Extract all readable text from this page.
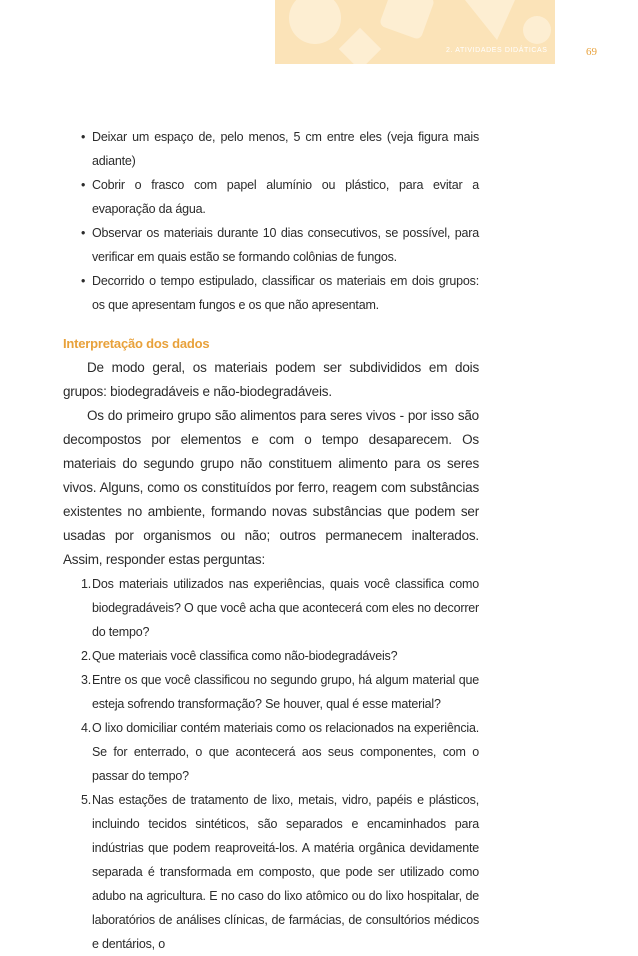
2. ATIVIDADES DIDÁTICAS	69
• Deixar um espaço de, pelo menos, 5 cm entre eles (veja figura mais adiante)
• Cobrir o frasco com papel alumínio ou plástico, para evitar a evaporação da água.
• Observar os materiais durante 10 dias consecutivos, se possível, para verificar em quais estão se formando colônias de fungos.
• Decorrido o tempo estipulado, classificar os materiais em dois grupos: os que apresentam fungos e os que não apresentam.
Interpretação dos dados

De modo geral, os materiais podem ser subdivididos em dois grupos: biodegradáveis e não-biodegradáveis.

Os do primeiro grupo são alimentos para seres vivos - por isso são decompostos por elementos e com o tempo desaparecem. Os materiais do segundo grupo não constituem alimento para os seres vivos. Alguns, como os constituídos por ferro, reagem com substâncias existentes no ambiente, formando novas substâncias que podem ser usadas por organismos ou não; outros permanecem inalterados. Assim, responder estas perguntas:

1. Dos materiais utilizados nas experiências, quais você classifica como biodegradáveis? O que você acha que acontecerá com eles no decorrer do tempo?
2. Que materiais você classifica como não-biodegradáveis?
3. Entre os que você classificou no segundo grupo, há algum material que esteja sofrendo transformação? Se houver, qual é esse material?
4. O lixo domiciliar contém materiais como os relacionados na experiência. Se for enterrado, o que acontecerá aos seus componentes, com o passar do tempo?
5. Nas estações de tratamento de lixo, metais, vidro, papéis e plásticos, incluindo tecidos sintéticos, são separados e encaminhados para indústrias que podem reaproveitá-los. A matéria orgânica devidamente separada é transformada em composto, que pode ser utilizado como adubo na agricultura. E no caso do lixo atômico ou do lixo hospitalar, de laboratórios de análises clínicas, de farmácias, de consultórios médicos e dentários, o
